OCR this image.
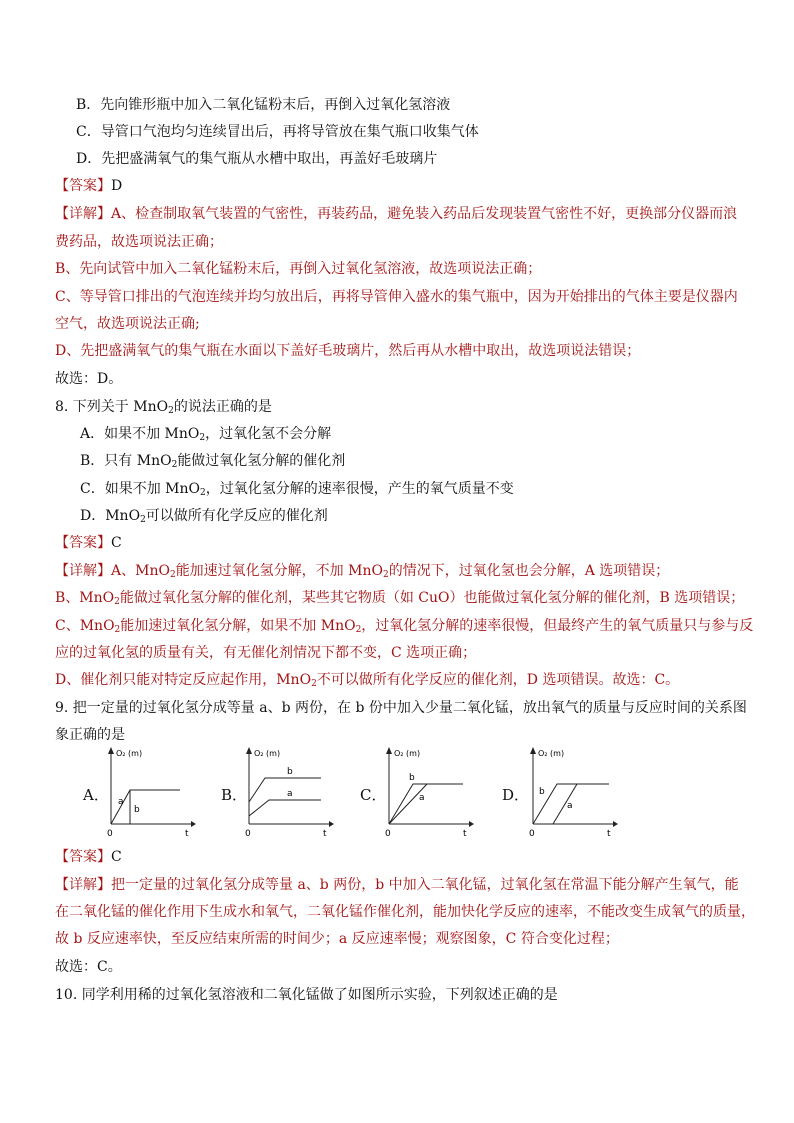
B．先向锥形瓶中加入二氧化锰粉末后，再倒入过氧化氢溶液
C．导管口气泡均匀连续冒出后，再将导管放在集气瓶口收集气体
D．先把盛满氧气的集气瓶从水槽中取出，再盖好毛玻璃片
【答案】D
【详解】A、检查制取氧气装置的气密性，再装药品，避免装入药品后发现装置气密性不好，更换部分仪器而浪
费药品，故选项说法正确；
B、先向试管中加入二氧化锰粉末后，再倒入过氧化氢溶液，故选项说法正确；
C、等导管口排出的气泡连续并均匀放出后，再将导管伸入盛水的集气瓶中，因为开始排出的气体主要是仪器内
空气，故选项说法正确;
D、先把盛满氧气的集气瓶在水面以下盖好毛玻璃片，然后再从水槽中取出，故选项说法错误；
故选：D。
8. 下列关于 MnO$_2$的说法正确的是
A．如果不加 MnO$_2$，过氧化氢不会分解
B．只有 MnO$_2$能做过氧化氢分解的催化剂
C．如果不加 MnO$_2$，过氧化氢分解的速率很慢，产生的氧气质量不变
D．MnO$_2$可以做所有化学反应的催化剂
【答案】C
【详解】A、MnO$_2$能加速过氧化氢分解，不加 MnO$_2$的情况下，过氧化氢也会分解，A 选项错误；
B、MnO$_2$能做过氧化氢分解的催化剂，某些其它物质（如 CuO）也能做过氧化氢分解的催化剂，B 选项错误；
C、MnO$_2$能加速过氧化氢分解，如果不加 MnO$_2$，过氧化氢分解的速率很慢，但最终产生的氧气质量只与参与反
应的过氧化氢的质量有关，有无催化剂情况下都不变，C 选项正确；
D、催化剂只能对特定反应起作用，MnO$_2$不可以做所有化学反应的催化剂，D 选项错误。故选：C。
9. 把一定量的过氧化氢分成等量 a、b 两份，在 b 份中加入少量二氧化锰，放出氧气的质量与反应时间的关系图
象正确的是
A．	B．	C．	D．
O₂ (m)
t
0
a
b
O₂ (m)
t
0
b
a
O₂ (m)
t
0
b
a
O₂ (m)
t
0
b
a
【答案】C
【详解】把一定量的过氧化氢分成等量 a、b 两份，b 中加入二氧化锰，过氧化氢在常温下能分解产生氧气，能
在二氧化锰的催化作用下生成水和氧气，二氧化锰作催化剂，能加快化学反应的速率，不能改变生成氧气的质量，
故 b 反应速率快，至反应结束所需的时间少；a 反应速率慢；观察图象，C 符合变化过程；
故选：C。
10. 同学利用稀的过氧化氢溶液和二氧化锰做了如图所示实验，下列叙述正确的是
